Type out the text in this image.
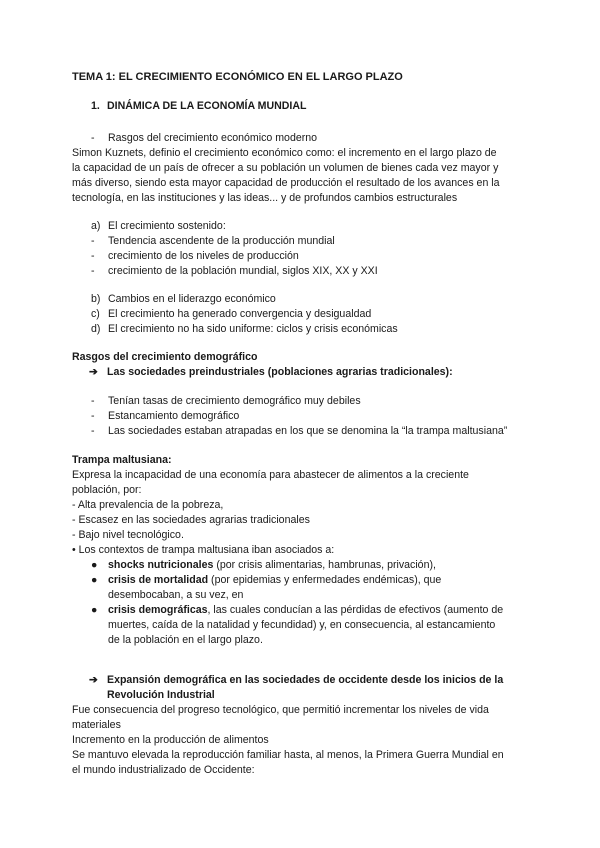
TEMA 1: EL CRECIMIENTO ECONÓMICO EN EL LARGO PLAZO
1. DINÁMICA DE LA ECONOMÍA MUNDIAL
- Rasgos del crecimiento económico moderno
Simon Kuznets, definio el crecimiento económico como: el incremento en el largo plazo de
la capacidad de un país de ofrecer a su población un volumen de bienes cada vez mayor y
más diverso, siendo esta mayor capacidad de producción el resultado de los avances en la
tecnología, en las instituciones y las ideas... y de profundos cambios estructurales
a) El crecimiento sostenido:
- Tendencia ascendente de la producción mundial
- crecimiento de los niveles de producción
- crecimiento de la población mundial, siglos XIX, XX y XXI
b) Cambios en el liderazgo económico
c) El crecimiento ha generado convergencia y desigualdad
d) El crecimiento no ha sido uniforme: ciclos y crisis económicas
Rasgos del crecimiento demográfico
➔ Las sociedades preindustriales (poblaciones agrarias tradicionales):
- Tenían tasas de crecimiento demográfico muy debiles
- Estancamiento demográfico
- Las sociedades estaban atrapadas en los que se denomina la “la trampa maltusiana”
Trampa maltusiana:
Expresa la incapacidad de una economía para abastecer de alimentos a la creciente
población, por:
- Alta prevalencia de la pobreza,
- Escasez en las sociedades agrarias tradicionales
- Bajo nivel tecnológico.
• Los contextos de trampa maltusiana iban asociados a:
● shocks nutricionales (por crisis alimentarias, hambrunas, privación),
● crisis de mortalidad (por epidemias y enfermedades endémicas), que
desembocaban, a su vez, en
● crisis demográficas, las cuales conducían a las pérdidas de efectivos (aumento de
muertes, caída de la natalidad y fecundidad) y, en consecuencia, al estancamiento
de la población en el largo plazo.
➔ Expansión demográfica en las sociedades de occidente desde los inicios de la
Revolución Industrial
Fue consecuencia del progreso tecnológico, que permitió incrementar los niveles de vida
materiales
Incremento en la producción de alimentos
Se mantuvo elevada la reproducción familiar hasta, al menos, la Primera Guerra Mundial en
el mundo industrializado de Occidente:
